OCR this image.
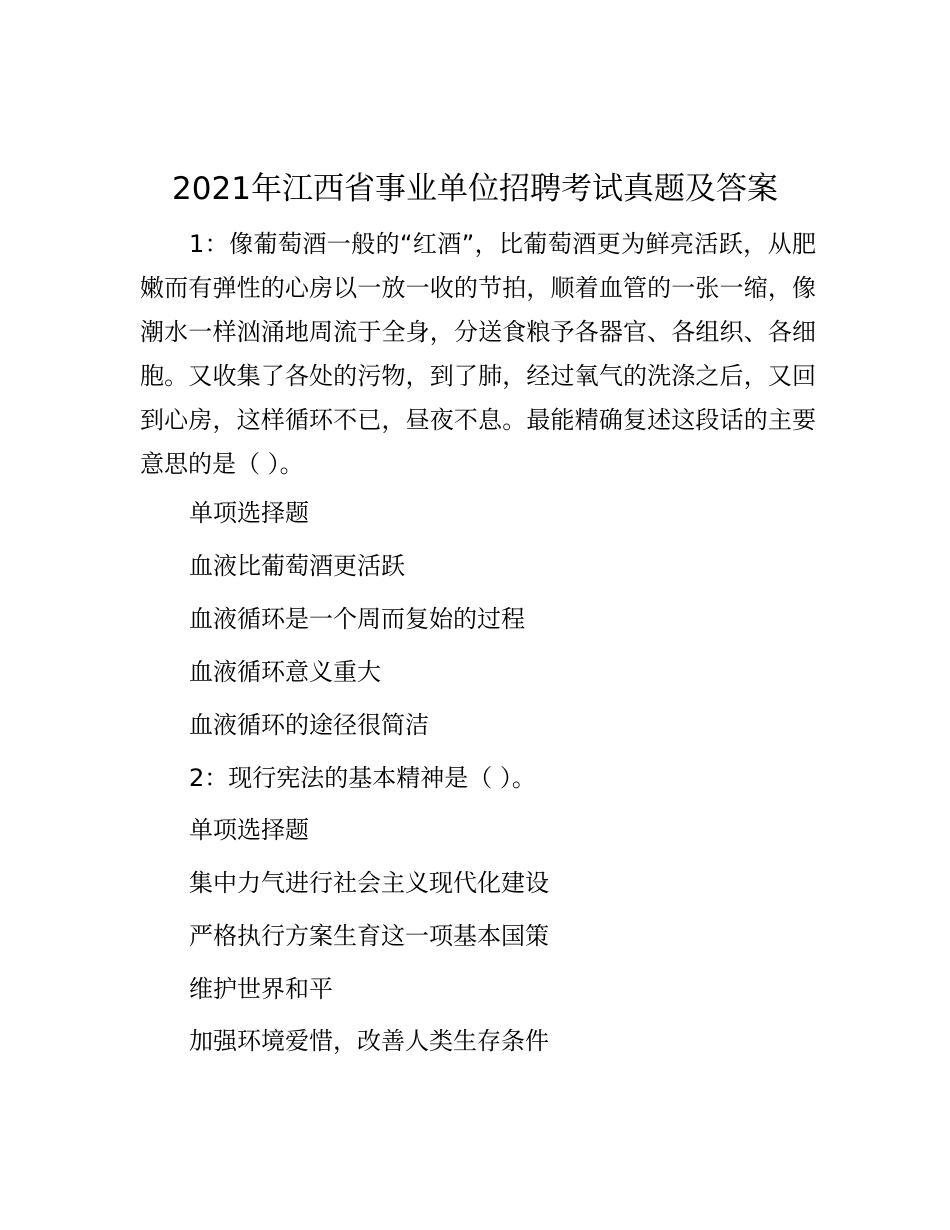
2021年江西省事业单位招聘考试真题及答案

1：像葡萄酒一般的“红酒”，比葡萄酒更为鲜亮活跃，从肥嫩而有弹性的心房以一放一收的节拍，顺着血管的一张一缩，像潮水一样汹涌地周流于全身，分送食粮予各器官、各组织、各细胞。又收集了各处的污物，到了肺，经过氧气的洗涤之后，又回到心房，这样循环不已，昼夜不息。最能精确复述这段话的主要意思的是（ ）。

单项选择题
血液比葡萄酒更活跃
血液循环是一个周而复始的过程
血液循环意义重大
血液循环的途径很简洁
2：现行宪法的基本精神是（ ）。
单项选择题
集中力气进行社会主义现代化建设
严格执行方案生育这一项基本国策
维护世界和平
加强环境爱惜，改善人类生存条件
